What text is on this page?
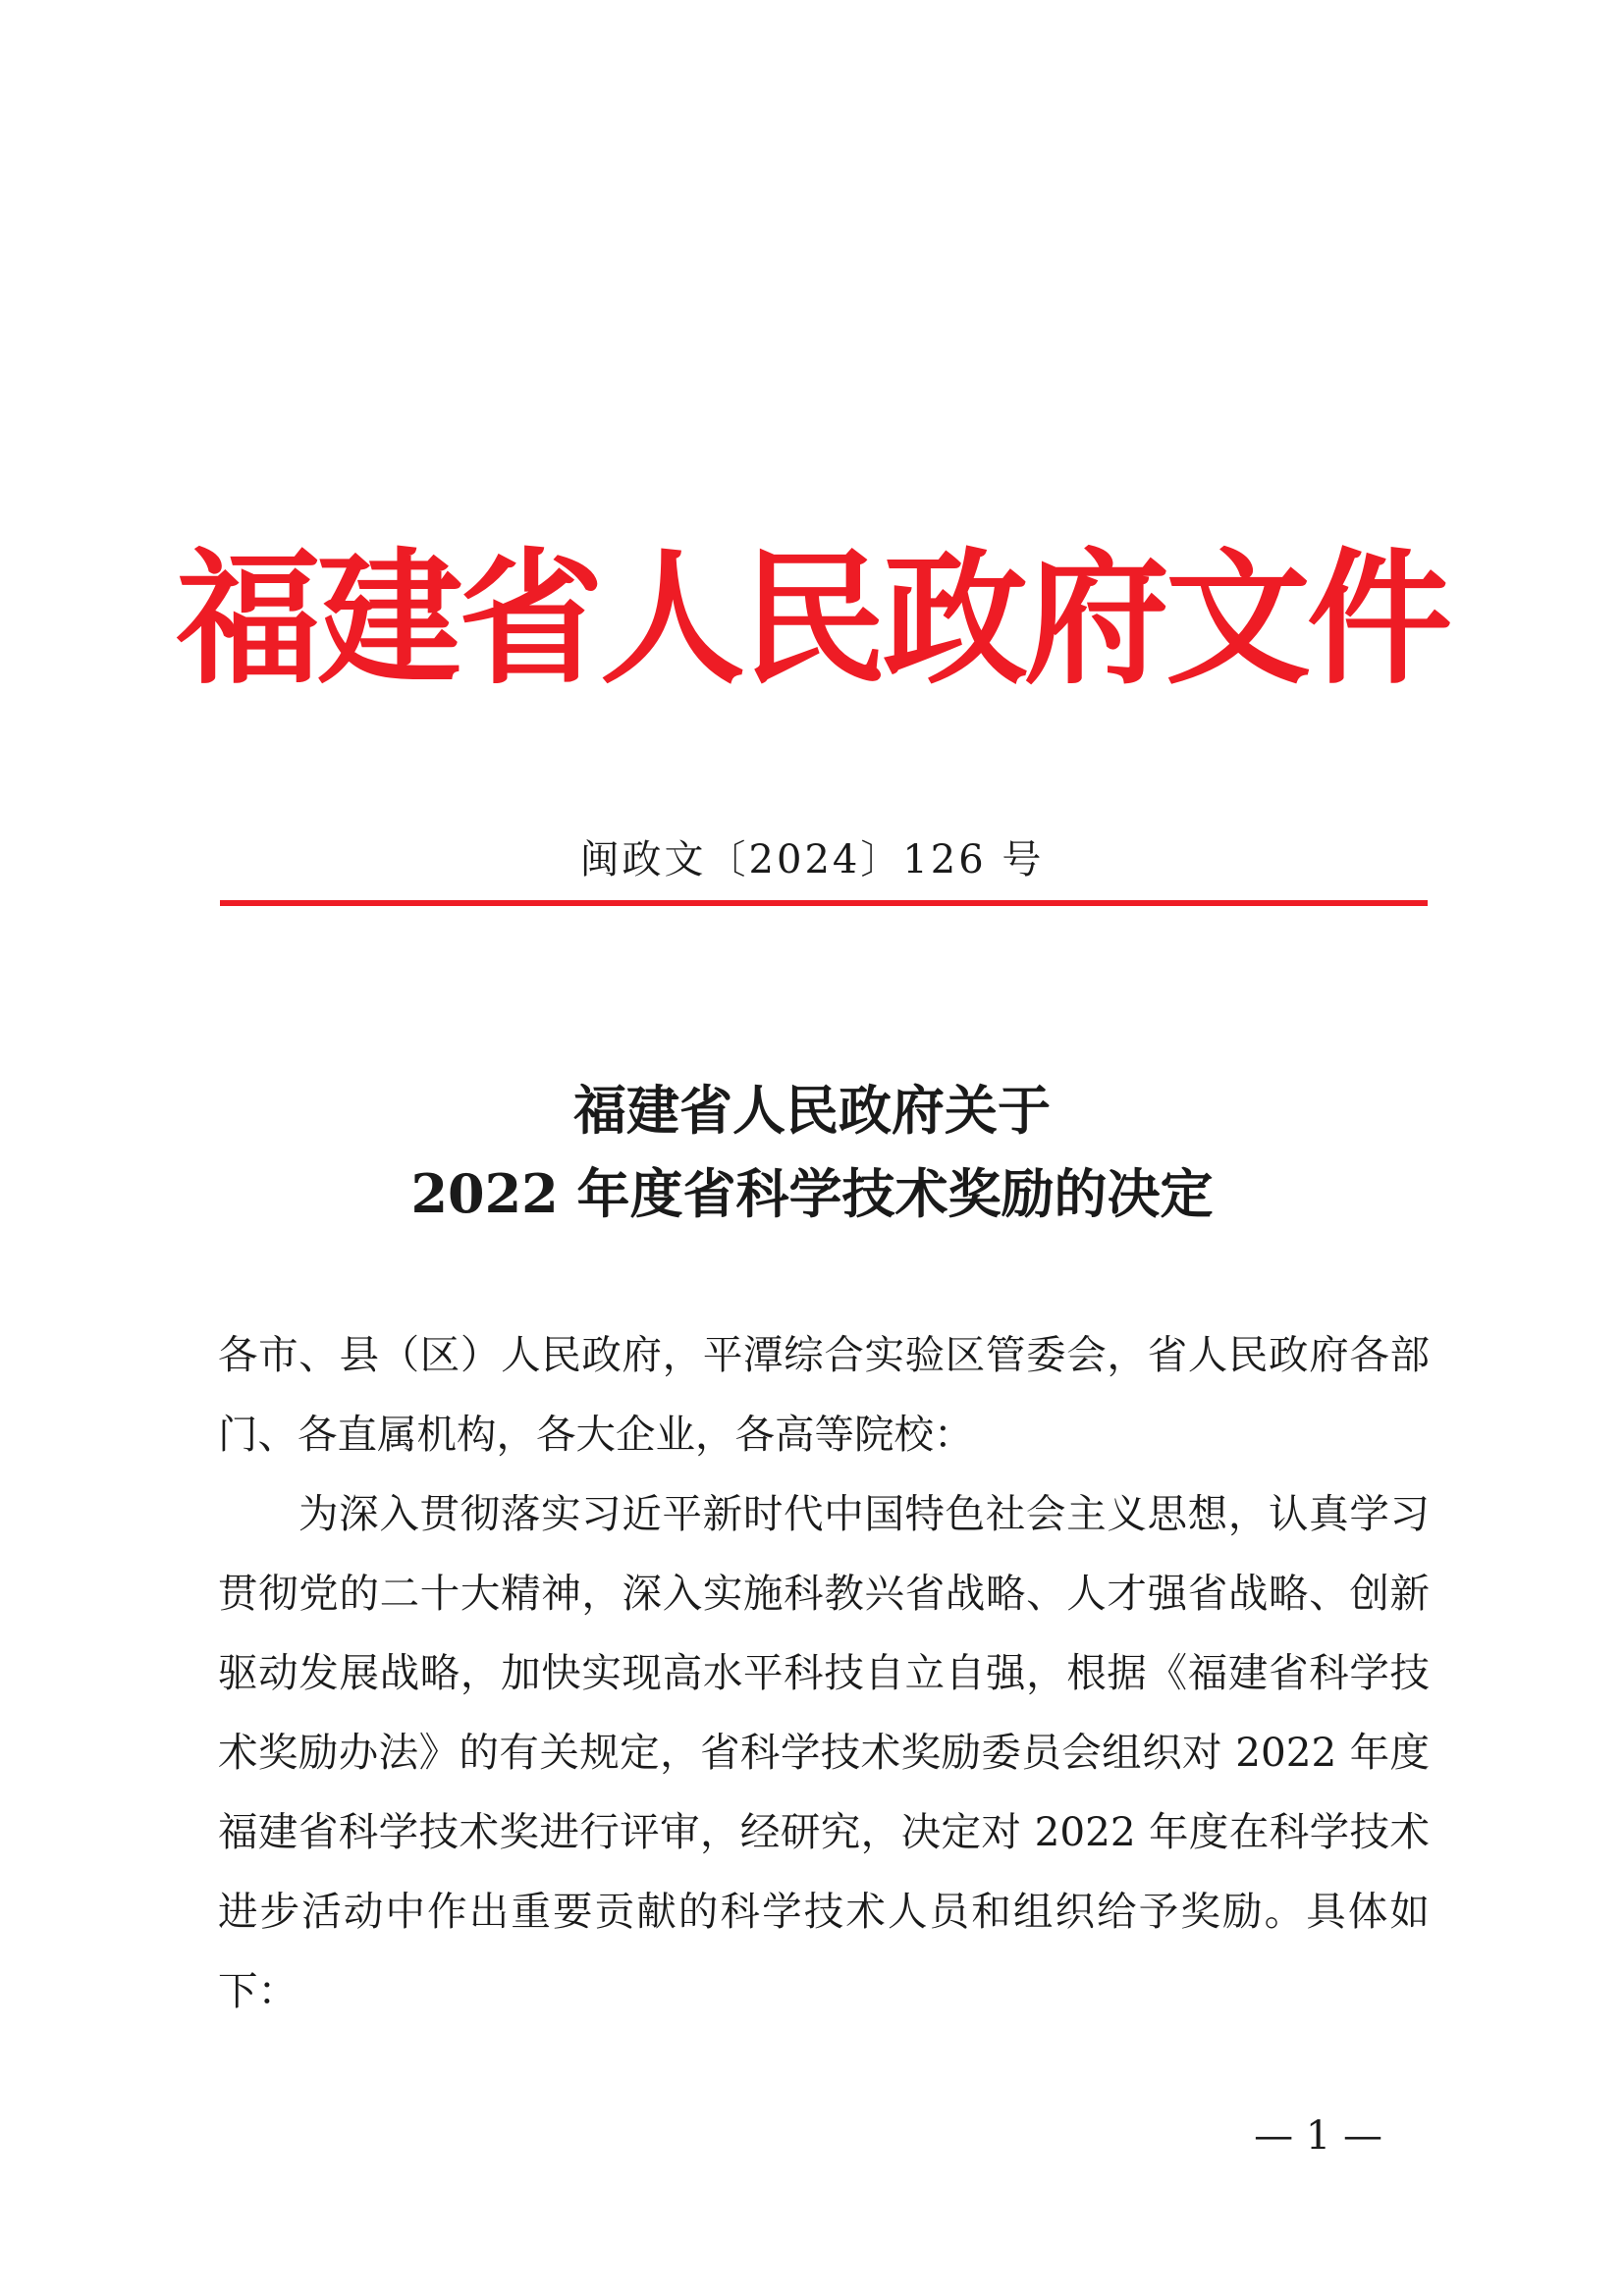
福建省人民政府文件
闽政文〔2024〕126 号
福建省人民政府关于
2022 年度省科学技术奖励的决定
各市、县（区）人民政府，平潭综合实验区管委会，省人民政府各部门、各直属机构，各大企业，各高等院校：
为深入贯彻落实习近平新时代中国特色社会主义思想，认真学习贯彻党的二十大精神，深入实施科教兴省战略、人才强省战略、创新驱动发展战略，加快实现高水平科技自立自强，根据《福建省科学技术奖励办法》的有关规定，省科学技术奖励委员会组织对 2022 年度福建省科学技术奖进行评审，经研究，决定对 2022 年度在科学技术进步活动中作出重要贡献的科学技术人员和组织给予奖励。具体如下：
— 1 —
